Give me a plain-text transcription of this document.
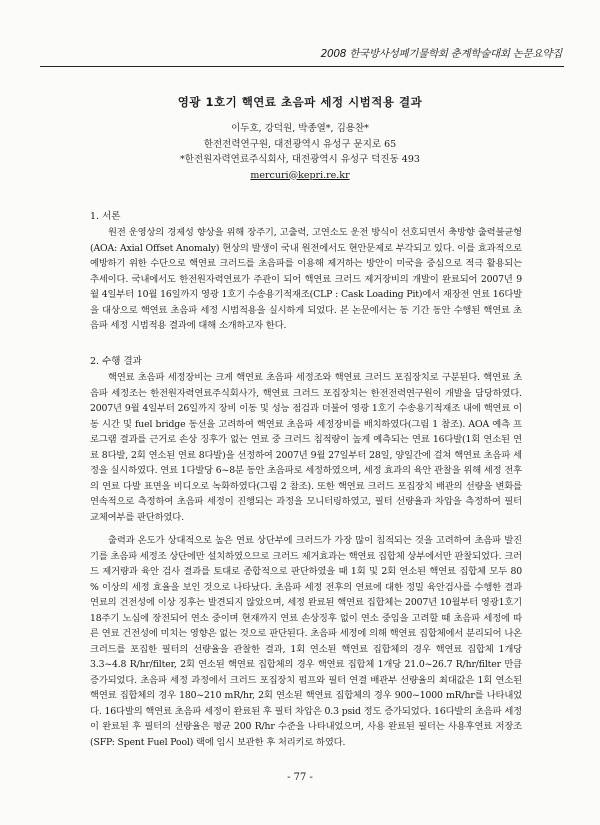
2008 한국방사성폐기물학회 춘계학술대회 논문요약집
영광 1호기 핵연료 초음파 세정 시범적용 결과
이두호, 강덕원, 박종열*, 김용찬*
한전전력연구원, 대전광역시 유성구 문지로 65
*한전원자력연료주식회사, 대전광역시 유성구 덕진동 493
mercuri@kepri.re.kr
1. 서론

원전 운영상의 경제성 향상을 위해 장주기, 고출력, 고연소도 운전 방식이 선호되면서 축방향 출력불균형(AOA: Axial Offset Anomaly) 현상의 발생이 국내 원전에서도 현안문제로 부각되고 있다. 이를 효과적으로 예방하기 위한 수단으로 핵연료 크러드를 초음파를 이용해 제거하는 방안이 미국을 중심으로 적극 활용되는 추세이다. 국내에서도 한전원자력연료가 주관이 되어 핵연료 크러드 제거장비의 개발이 완료되어 2007년 9월 4일부터 10월 16일까지 영광 1호기 수송용기적재조(CLP : Cask Loading Pit)에서 재장전 연료 16다발을 대상으로 핵연료 초음파 세정 시범적용을 실시하게 되었다. 본 논문에서는 동 기간 동안 수행된 핵연료 초음파 세정 시범적용 결과에 대해 소개하고자 한다.

2. 수행 결과

핵연료 초음파 세정장비는 크게 핵연료 초음파 세정조와 핵연료 크러드 포집장치로 구분된다. 핵연료 초음파 세정조는 한전원자력연료주식회사가, 핵연료 크러드 포집장치는 한전전력연구원이 개발을 담당하였다. 2007년 9월 4일부터 26일까지 장비 이동 및 성능 점검과 더불어 영광 1호기 수송용기적재조 내에 핵연료 이동 시간 및 fuel bridge 동선을 고려하여 핵연료 초음파 세정장비를 배치하였다(그림 1 참조). AOA 예측 프로그램 결과를 근거로 손상 징후가 없는 연료 중 크러드 침적량이 높게 예측되는 연료 16다발(1회 연소된 연료 8다발, 2회 연소된 연료 8다발)을 선정하여 2007년 9월 27일부터 28일, 양일간에 걸쳐 핵연료 초음파 세정을 실시하였다. 연료 1다발당 6~8분 동안 초음파로 세정하였으며, 세정 효과의 육안 관찰을 위해 세정 전후의 연료 다발 표면을 비디오로 녹화하였다(그림 2 참조). 또한 핵연료 크러드 포집장치 배관의 선량을 변화를 연속적으로 측정하여 초음파 세정이 진행되는 과정을 모니터링하였고, 필터 선량율과 차압을 측정하여 필터 교체여부를 판단하였다.

출력과 온도가 상대적으로 높은 연료 상단부에 크러드가 가장 많이 침적되는 것을 고려하여 초음파 발진기를 초음파 세정조 상단에만 설치하였으므로 크러드 제거효과는 핵연료 집합체 상부에서만 판찰되었다. 크러드 제거량과 육안 검사 결과를 토대로 종합적으로 판단하였을 때 1회 및 2회 연소된 핵연료 집합체 모두 80 % 이상의 세정 효율을 보인 것으로 나타났다. 초음파 세정 전후의 연료에 대한 정밀 육안검사를 수행한 결과 연료의 건전성에 이상 징후는 발견되지 않았으며, 세정 완료된 핵연료 집합체는 2007년 10월부터 영광1호기 18주기 노심에 장전되어 연소 중이며 현재까지 연료 손상징후 없이 연소 중임을 고려할 때 초음파 세정에 따른 연료 건전성에 미치는 영향은 없는 것으로 판단된다. 초음파 세정에 의해 핵연료 집합체에서 분리되어 나온 크러드를 포집한 필터의 선량율을 관찰한 결과, 1회 연소된 핵연료 집합체의 경우 핵연료 집합체 1개당 3.3~4.8 R/hr/filter, 2회 연소된 핵연료 집합체의 경우 핵연료 집합체 1개당 21.0~26.7 R/hr/filter 만큼 증가되었다. 초음파 세정 과정에서 크러드 포집장치 펌프와 필터 연결 배관부 선량율의 최대값은 1회 연소된 핵연료 집합체의 경우 180~210 mR/hr, 2회 연소된 핵연료 집합체의 경우 900~1000 mR/hr를 나타내었다. 16다발의 핵연료 초음파 세정이 완료된 후 필터 차압은 0.3 psid 정도 증가되었다. 16다발의 초음파 세정이 완료된 후 필터의 선량율은 평균 200 R/hr 수준을 나타내었으며, 사용 완료된 필터는 사용후연료 저장조(SFP: Spent Fuel Pool) 랙에 임시 보관한 후 처리키로 하였다.

- 77 -
